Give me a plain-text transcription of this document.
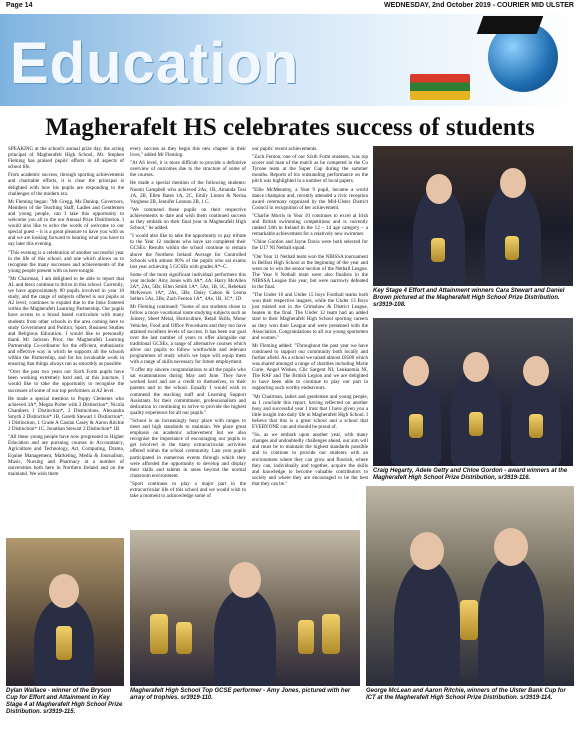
Page 14	WEDNESDAY, 2nd October 2019 - COURIER MID ULSTER
Education
Magherafelt HS celebrates success of students

SPEAKING at the school's annual prize day, the acting principal of Magherafelt High School, Mr. Stephen Fleming has praised pupils' efforts in all aspects of school life.

From academic success, through sporting achievements and charitable efforts, it is clear the principal is delighted with how his pupils are responding to the challenges of the modern era.

Mr Fleming began: "Mr Gregg, Ms Dunlop, Governors, Members of the Teaching Staff, Ladies and Gentlemen and young people, can I take this opportunity to welcome you all to the our Annual Prize Distribution. I would also like to echo the words of welcome to our special guest – it is a great pleasure to have you with us and we are looking forward to hearing what you have to say later this evening.

"This evening is a celebration of another successful year in the life of this school, and one which allows us to recognise the many successes and achievements of the young people present with us here tonight.

"Mr Chairman, I am delighted to be able to report that AL and btecs continue to thrive in this school. Currently, we have approximately 80 pupils involved in year 10 study, and the range of subjects offered is our pupils at A2 level, continues to expand due to the links fostered within the Magherafelt Learning Partnership. Our pupils have access to a broad based curriculum with many students from other schools in the area coming here to study Government and Politics, Sport, Business Studies and Religious Education. I would like to personally thank Mr Jackson Prior, the Magherafelt Learning Partnership Co-ordinator for the efficient, enthusiastic and effective way in which he supports all the schools within the Partnership, and for his invaluable work in ensuring that things always run as smoothly as possible.

"Over the past two years our Sixth Form pupils have been working extremely hard and, at this juncture, I would like to take the opportunity to recognise the successes of some of our top performers at A2 level.

He made a special mention to Poppy Clements who achieved 3A*, Megan Porter with 3 Distinction*, Nicola Chambers 1 Distinction*, 2 Distinctions, Alexandra Smyth 2 Distinction* 1B, Gareth Stewart 1 Distinction*, 1 Distinction, 1 Grade A Caolan Casey & Aaron Ritchie 2 Distinction* 1C, Jonathan Stewart 2 Distinction* 1B.

"All these young people have now progressed to Higher Education and are pursuing courses in Accountancy, Agriculture and Technology, Art, Computing, Drama, Equine Management, Marketing, Media & Journalism, Music, Nursing and Pharmacy at a number of universities both here in Northern Ireland and on the mainland. We wish them

every success as they begin this new chapter in their lives," added Mr Fleming.

"At AS level, it is more difficult to provide a definitive overview of outcomes due to the structure of some of the courses.

He made a special mention of the following students: Naomi Campbell who achieved 2As, 1B, Amanda Tosi 1A, 2B, Ellen Bates 1A, 2C, Emily Linton & Nerisa Varghese 2B, Jennifer Lennon 2B, 1 C.

"We commend these pupils on their respective achievements to date and wish them continued success as they embark on their final year in Magherafelt High School," he added.

"I would also like to take the opportunity to pay tribute to the Year 12 students who have sat completed their GCSEs. Results within the school continue to remain above the Northern Ireland Average for Controlled Schools with almost 80% of the pupils who sat exams last year achieving 5 GCSEs with grades A*–C.

Some of the most significant individual performers this year include: Amy Jones with 4A*, 4A; Harry McAllen 3A*, 2As, 5Bs; Ellen Smith 1A*, 5As, 1B, 1C, Rebekah McKeown 1A*, 2As, 5Bs; Daisy Cabon & Leona Sellers 5As, 2Bs; Zach Fenton 1A*, 4As, 1B, 1C*, 1D.

Mr Fleming continued: "Some of our students chose to follow a more vocational route studying subjects such as Joinery, Sheet Metal, Horticulture, Retail Skills, Motor Vehicles, Food and Office Procedures and they too have attained excellent levels of success. It has been our goal over the last number of years to offer alongside our traditional GCSEs, a range of alternative courses which allow our pupils to follow worthwhile and relevant programmes of study which we hope will equip them with a range of skills necessary for future employment.

"I offer my sincere congratulations to all the pupils who sat examinations during May and June. They have worked hard and are a credit to themselves, to their parents and to the school. Equally I would wish to commend the teaching staff and Learning Support Assistants for their commitment, professionalism and dedication in continuing to strive to provide the highest quality experience for all our pupils."

"School is an increasingly busy place with ranges to meet and high standards to maintain. We place great emphasis on academic achievement but we also recognise the importance of encouraging our pupils to get involved in the many extracurricular activities offered within the school community. Last year pupils participated in numerous events through which they were afforded the opportunity to develop and display their skills and talents in areas beyond the normal classroom environment.

"Sport continues to play a major part in the extracurricular life of this school and we would wish to take a moment to acknowledge some of

our pupils' recent achievements.

"Zach Fenton, one of our Sixth Form students, was top scorer and man of the match as he competed in the Co Tyrone team at the Super Cup during the summer months. Reports of his outstanding performance on the pitch was highlighted in a number of local papers.

"Ellie McMenemy, a Year 9 pupil, became a world dance champion and, recently attended a civic reception award ceremony organized by the Mid-Ulster District Council in recognition of her achievement.

"Charlie Morris in Year 10 continues to excel at Irish and British swimming competitions and is currently ranked 14th in Ireland in the 12 – 14 age category – a remarkable achievement for a relatively new swimmer.

"Chloe Gordon and Jayne Davis were both selected for the U17 NI Netball squad.

"Our Year 11 Netball team won the NIBSSA tournament in Belfast High School at the beginning of the year and went on to win the senior section of the Netball League. The Year 8 Netball team were also finalists in the NIBSSA League this year, but were narrowly defeated in the final.

"The Under 16 and Under 15 boys Football teams both won their respective leagues, while the Under 13 Boys just missed out in the Grimshaw & District League, beaten in the final. The Under 12 team had an added start to their Magherafelt High School sporting careers as they won their League and were presented with the Association. Congratulations to all our young sportsmen and women."

Mr Fleming added: "Throughout the past year we have continued to support our community both locally and further afield. As a school we raised almost £8500 which was shared amongst a range of charities including Marie Curie, Angel Wishes, Clic Sargent NI, Leukaemia NI, The RAF and The British Legion and we are delighted to have been able to continue to play our part in supporting such worthy endeavours.

"Mr Chairman, ladies and gentlemen and young people, as I conclude this report, having reflected on another busy and successful year I trust that I have given you a little insight into daily life in Magherafelt High School. I believe that this is a great school and a school that EVERYONE can and should be proud of.

"So, as we embark upon another year, with many changes and undoubtedly challenges ahead, our aim will and must be to maintain the highest standards possible and to continue to provide our students with an environment where they can grow and flourish, where they can, individually and together, acquire the skills and knowledge to become valuable contributors to society and where they are encouraged to be the best that they can be."

Key Stage 4 Effort and Attainment winners Cara Stewart and Daniel Brown pictured at the Magherafelt High School Prize Distribution. sr3919-108.
Craig Hegarty, Adele Getty and Chloe Gordon - award winners at the Magherafelt High School Prize Distribution, sr3919-116.
Dylan Wallace - winner of the Bryson Cup for Effort and Attainment in Key Stage 4 at Magherafelt High School Prize Distribution. sr3919-115.
Magherafelt High School Top GCSE performer - Amy Jones, pictured with her array of trophies. sr3919-110.
George McLean and Aaron Ritchie, winners of the Ulster Bank Cup for ICT at the Magherafelt High School Prize Distribution. sr3919-114.
